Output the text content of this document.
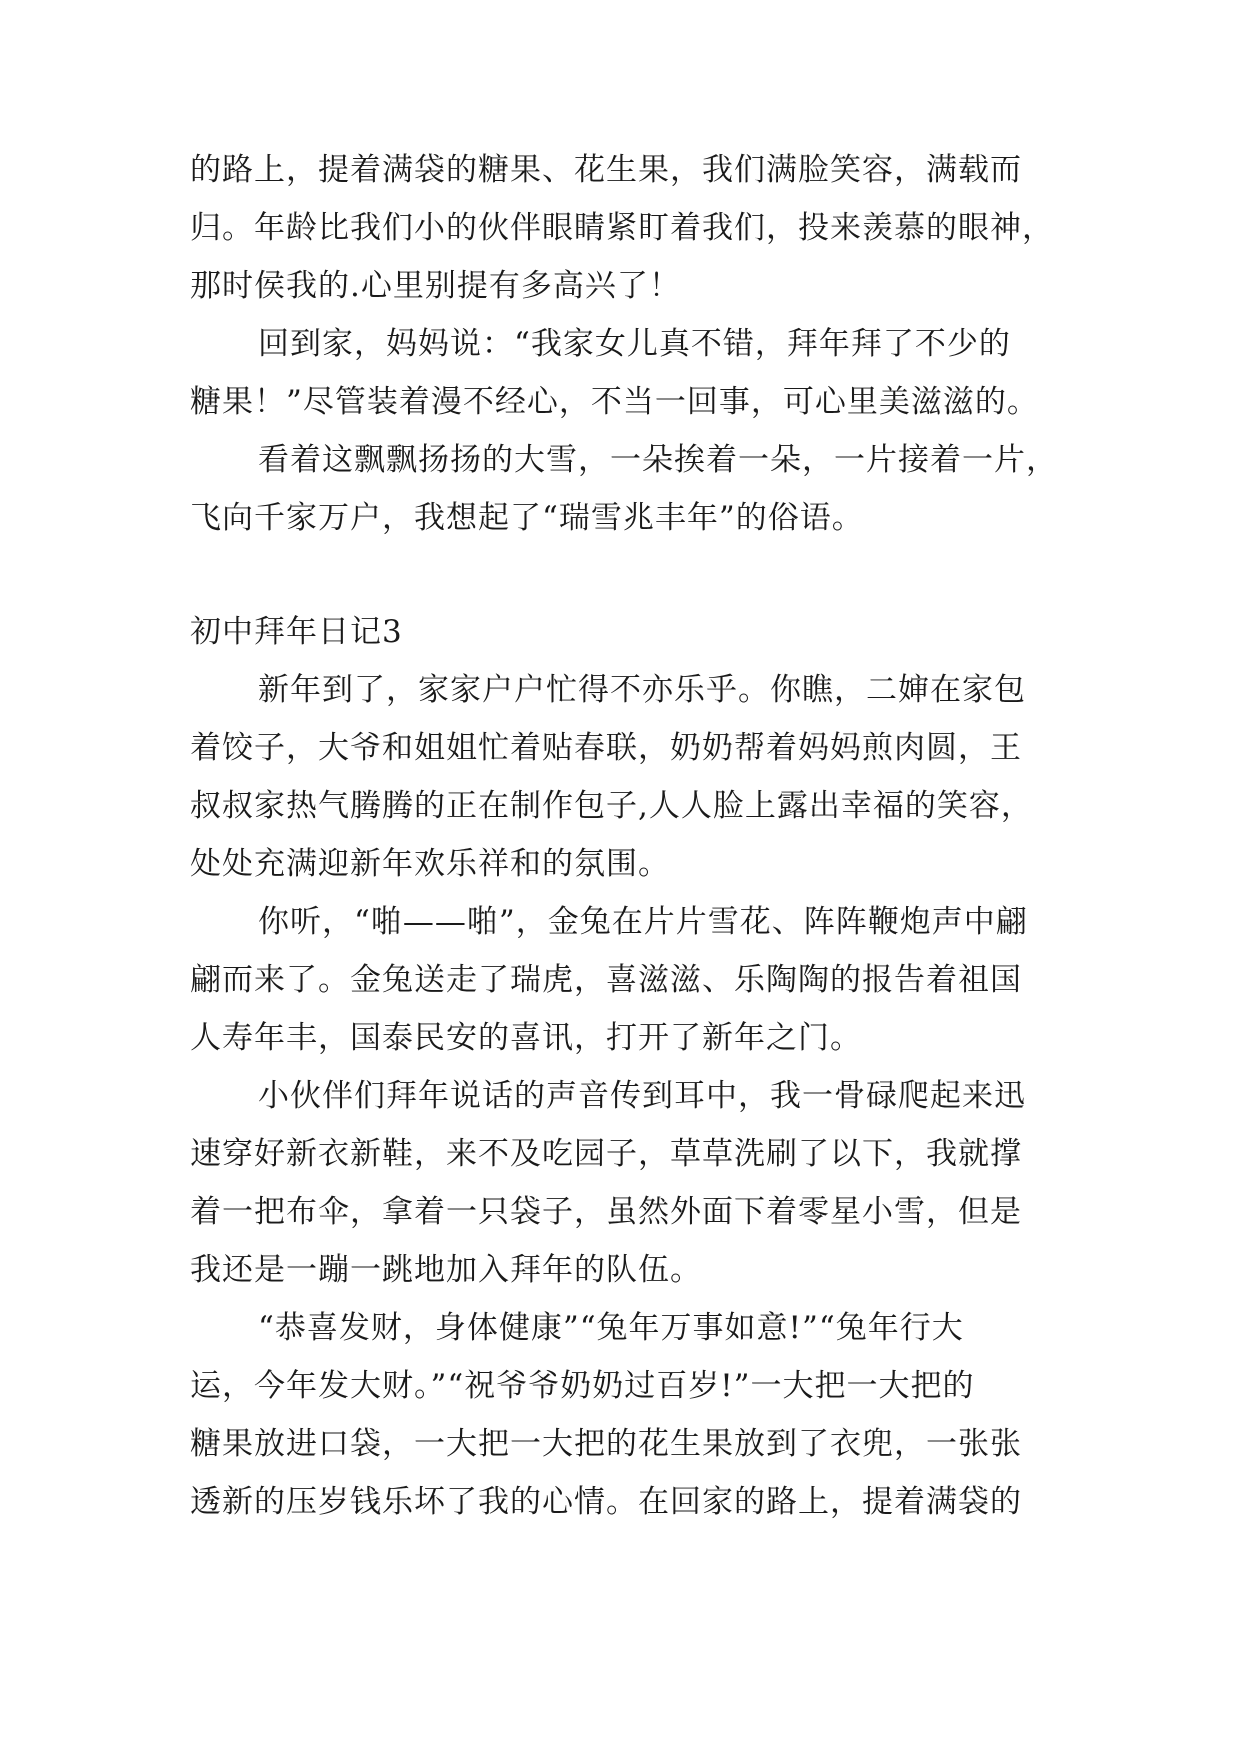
的路上，提着满袋的糖果、花生果，我们满脸笑容，满载而
归。年龄比我们小的伙伴眼睛紧盯着我们，投来羡慕的眼神，
那时侯我的.心里别提有多高兴了！
回到家，妈妈说：“我家女儿真不错，拜年拜了不少的
糖果！”尽管装着漫不经心，不当一回事，可心里美滋滋的。
看着这飘飘扬扬的大雪，一朵挨着一朵，一片接着一片，
飞向千家万户，我想起了“瑞雪兆丰年”的俗语。
初中拜年日记3
新年到了，家家户户忙得不亦乐乎。你瞧，二婶在家包
着饺子，大爷和姐姐忙着贴春联，奶奶帮着妈妈煎肉圆，王
叔叔家热气腾腾的正在制作包子,人人脸上露出幸福的笑容，
处处充满迎新年欢乐祥和的氛围。
你听，“啪——啪”，金兔在片片雪花、阵阵鞭炮声中翩
翩而来了。金兔送走了瑞虎，喜滋滋、乐陶陶的报告着祖国
人寿年丰，国泰民安的喜讯，打开了新年之门。
小伙伴们拜年说话的声音传到耳中，我一骨碌爬起来迅
速穿好新衣新鞋，来不及吃园子，草草洗刷了以下，我就撑
着一把布伞，拿着一只袋子，虽然外面下着零星小雪，但是
我还是一蹦一跳地加入拜年的队伍。
“恭喜发财，身体健康”“兔年万事如意!”“兔年行大
运，今年发大财。”“祝爷爷奶奶过百岁!”一大把一大把的
糖果放进口袋，一大把一大把的花生果放到了衣兜，一张张
透新的压岁钱乐坏了我的心情。在回家的路上，提着满袋的
